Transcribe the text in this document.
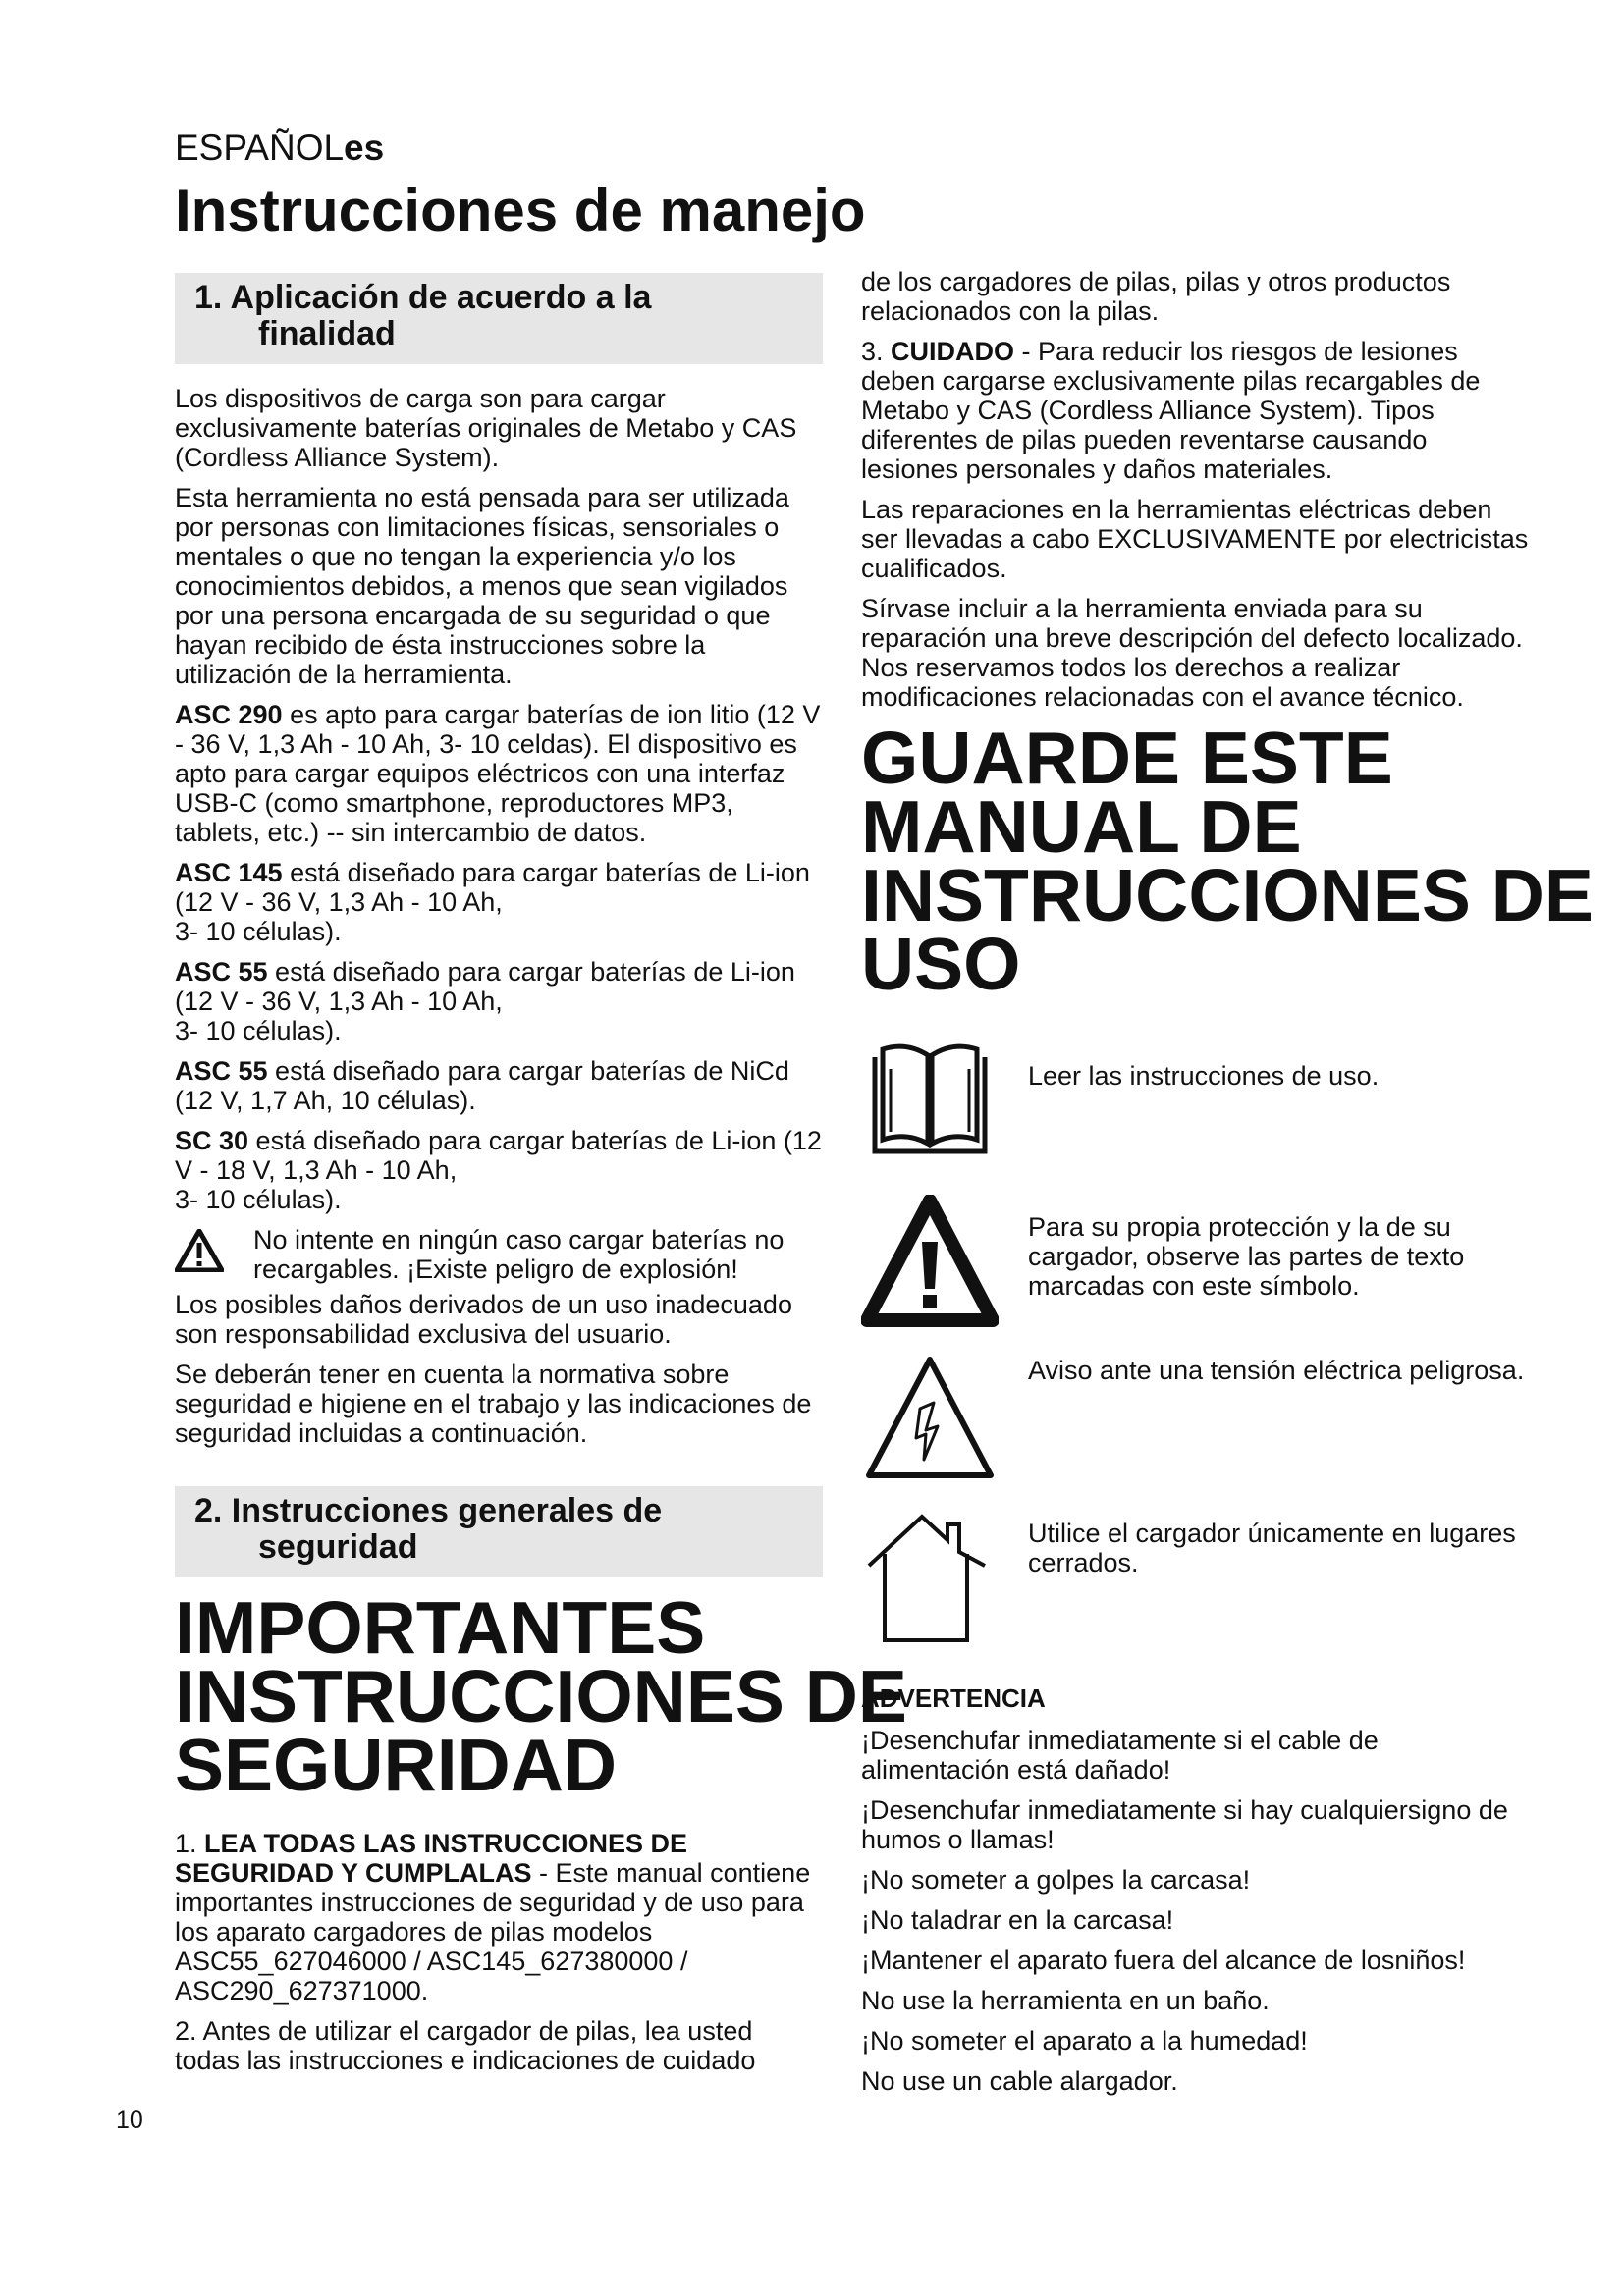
ESPAÑOLes
Instrucciones de manejo
1. Aplicación de acuerdo a la
finalidad

Los dispositivos de carga son para cargar exclusivamente baterías originales de Metabo y CAS (Cordless Alliance System).

Esta herramienta no está pensada para ser utilizada por personas con limitaciones físicas, sensoriales o mentales o que no tengan la experiencia y/o los conocimientos debidos, a menos que sean vigilados por una persona encargada de su seguridad o que hayan recibido de ésta instrucciones sobre la utilización de la herramienta.

ASC 290 es apto para cargar baterías de ion litio (12 V - 36 V, 1,3 Ah - 10 Ah, 3- 10 celdas). El dispositivo es apto para cargar equipos eléctricos con una interfaz USB-C (como smartphone, reproductores MP3, tablets, etc.) -- sin intercambio de datos.

ASC 145 está diseñado para cargar baterías de Li-ion (12 V - 36 V, 1,3 Ah - 10 Ah,
3- 10 células).

ASC 55 está diseñado para cargar baterías de Li-ion (12 V - 36 V, 1,3 Ah - 10 Ah,
3- 10 células).

ASC 55 está diseñado para cargar baterías de NiCd (12 V, 1,7 Ah, 10 células).

SC 30 está diseñado para cargar baterías de Li-ion (12 V - 18 V, 1,3 Ah - 10 Ah,
3- 10 células).

No intente en ningún caso cargar baterías no recargables. ¡Existe peligro de explosión!

Los posibles daños derivados de un uso inadecuado son responsabilidad exclusiva del usuario.

Se deberán tener en cuenta la normativa sobre seguridad e higiene en el trabajo y las indicaciones de seguridad incluidas a continuación.

2. Instrucciones generales de
seguridad
IMPORTANTES
INSTRUCCIONES DE
SEGURIDAD

1. LEA TODAS LAS INSTRUCCIONES DE SEGURIDAD Y CUMPLALAS - Este manual contiene importantes instrucciones de seguridad y de uso para los aparato cargadores de pilas modelos ASC55_627046000 / ASC145_627380000 / ASC290_627371000.

2. Antes de utilizar el cargador de pilas, lea usted todas las instrucciones e indicaciones de cuidado

de los cargadores de pilas, pilas y otros productos relacionados con la pilas.

3. CUIDADO - Para reducir los riesgos de lesiones deben cargarse exclusivamente pilas recargables de Metabo y CAS (Cordless Alliance System). Tipos diferentes de pilas pueden reventarse causando lesiones personales y daños materiales.

Las reparaciones en la herramientas eléctricas deben ser llevadas a cabo EXCLUSIVAMENTE por electricistas cualificados.

Sírvase incluir a la herramienta enviada para su reparación una breve descripción del defecto localizado. Nos reservamos todos los derechos a realizar modificaciones relacionadas con el avance técnico.

GUARDE ESTE
MANUAL DE
INSTRUCCIONES DE
USO
Leer las instrucciones de uso.
Para su propia protección y la de su cargador, observe las partes de texto marcadas con este símbolo.
Aviso ante una tensión eléctrica peligrosa.
Utilice el cargador únicamente en lugares cerrados.
ADVERTENCIA

¡Desenchufar inmediatamente si el cable de alimentación está dañado!

¡Desenchufar inmediatamente si hay cualquiersigno de humos o llamas!

¡No someter a golpes la carcasa!

¡No taladrar en la carcasa!

¡Mantener el aparato fuera del alcance de losniños!

No use la herramienta en un baño.

¡No someter el aparato a la humedad!

No use un cable alargador.

10
